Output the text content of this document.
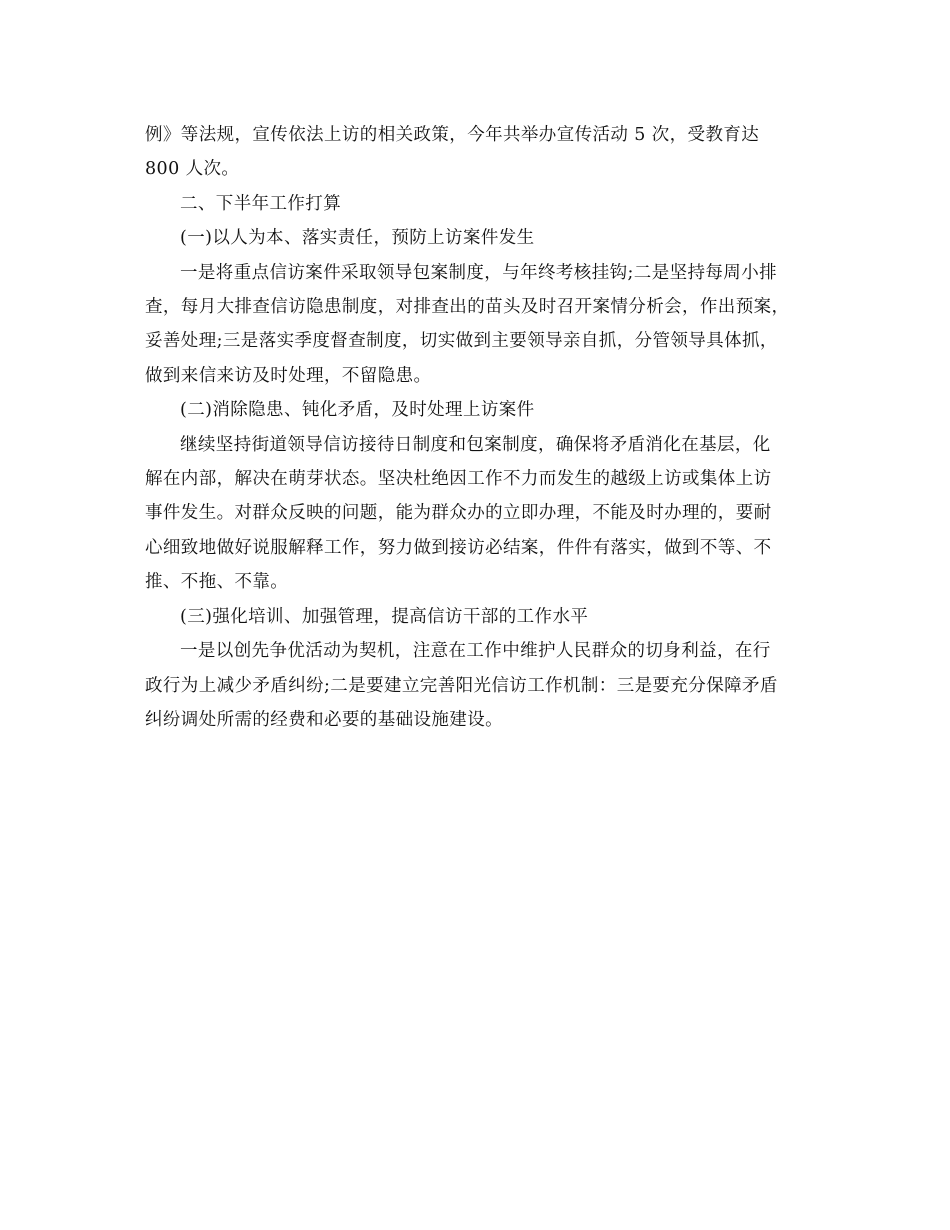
例》等法规，宣传依法上访的相关政策，今年共举办宣传活动 5 次，受教育达
800 人次。
二、下半年工作打算
(一)以人为本、落实责任，预防上访案件发生
一是将重点信访案件采取领导包案制度，与年终考核挂钩;二是坚持每周小排
查，每月大排查信访隐患制度，对排查出的苗头及时召开案情分析会，作出预案，
妥善处理;三是落实季度督查制度，切实做到主要领导亲自抓，分管领导具体抓，
做到来信来访及时处理，不留隐患。
(二)消除隐患、钝化矛盾，及时处理上访案件
继续坚持街道领导信访接待日制度和包案制度，确保将矛盾消化在基层，化
解在内部，解决在萌芽状态。坚决杜绝因工作不力而发生的越级上访或集体上访
事件发生。对群众反映的问题，能为群众办的立即办理，不能及时办理的，要耐
心细致地做好说服解释工作，努力做到接访必结案，件件有落实，做到不等、不
推、不拖、不靠。
(三)强化培训、加强管理，提高信访干部的工作水平
一是以创先争优活动为契机，注意在工作中维护人民群众的切身利益，在行
政行为上减少矛盾纠纷;二是要建立完善阳光信访工作机制：三是要充分保障矛盾
纠纷调处所需的经费和必要的基础设施建设。
